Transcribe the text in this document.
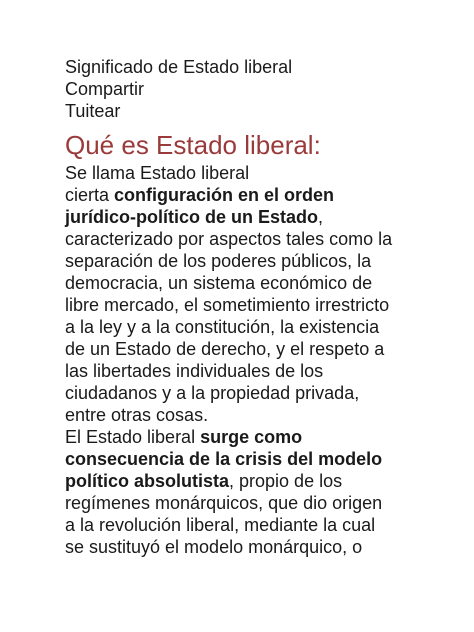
Significado de Estado liberal
Compartir
Tuitear
Qué es Estado liberal:
Se llama Estado liberal
cierta configuración en el orden
jurídico-político de un Estado,
caracterizado por aspectos tales como la
separación de los poderes públicos, la
democracia, un sistema económico de
libre mercado, el sometimiento irrestricto
a la ley y a la constitución, la existencia
de un Estado de derecho, y el respeto a
las libertades individuales de los
ciudadanos y a la propiedad privada,
entre otras cosas.
El Estado liberal surge como
consecuencia de la crisis del modelo
político absolutista, propio de los
regímenes monárquicos, que dio origen
a la revolución liberal, mediante la cual
se sustituyó el modelo monárquico, o
